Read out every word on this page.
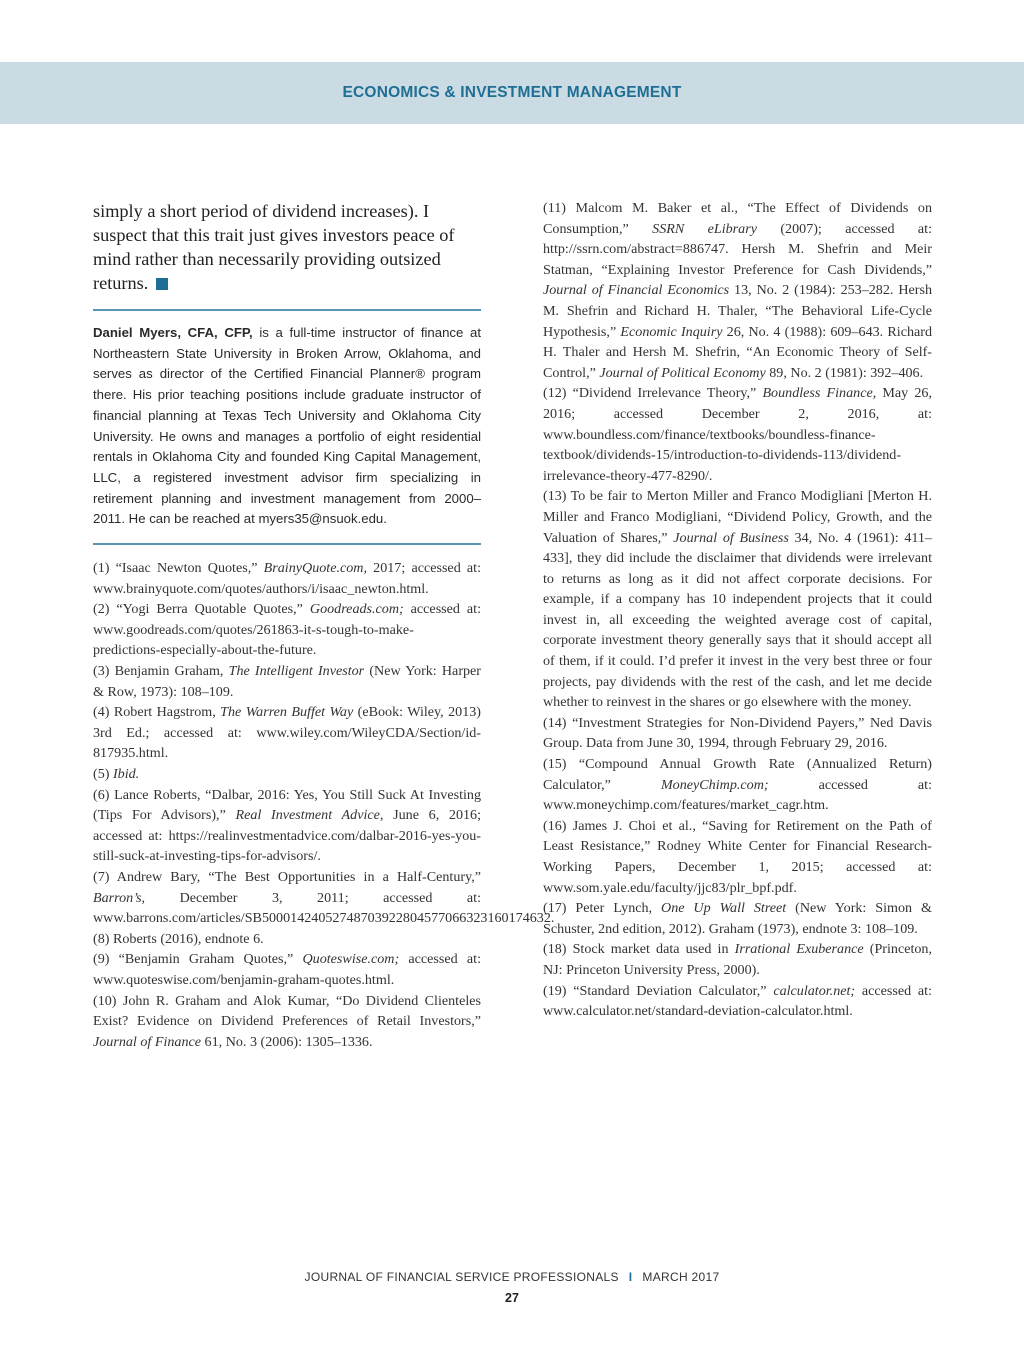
ECONOMICS & INVESTMENT MANAGEMENT

simply a short period of dividend increases). I suspect that this trait just gives investors peace of mind rather than necessarily providing outsized returns.

Daniel Myers, CFA, CFP, is a full-time instructor of finance at Northeastern State University in Broken Arrow, Oklahoma, and serves as director of the Certified Financial Planner® program there. His prior teaching positions include graduate instructor of financial planning at Texas Tech University and Oklahoma City University. He owns and manages a portfolio of eight residential rentals in Oklahoma City and founded King Capital Management, LLC, a registered investment advisor firm specializing in retirement planning and investment management from 2000–2011. He can be reached at myers35@nsuok.edu.

(1) “Isaac Newton Quotes,” BrainyQuote.com, 2017; accessed at: www.brainyquote.com/quotes/authors/i/isaac_newton.html.
(2) “Yogi Berra Quotable Quotes,” Goodreads.com; accessed at: www.goodreads.com/quotes/261863-it-s-tough-to-make-predictions-especially-about-the-future.
(3) Benjamin Graham, The Intelligent Investor (New York: Harper & Row, 1973): 108–109.
(4) Robert Hagstrom, The Warren Buffet Way (eBook: Wiley, 2013) 3rd Ed.; accessed at: www.wiley.com/WileyCDA/Section/id-817935.html.
(5) Ibid.
(6) Lance Roberts, “Dalbar, 2016: Yes, You Still Suck At Investing (Tips For Advisors),” Real Investment Advice, June 6, 2016; accessed at: https://realinvestmentadvice.com/dalbar-2016-yes-you-still-suck-at-investing-tips-for-advisors/.
(7) Andrew Bary, “The Best Opportunities in a Half-Century,” Barron’s, December 3, 2011; accessed at: www.barrons.com/articles/SB50001424052748703922804577066323160174632.
(8) Roberts (2016), endnote 6.
(9) “Benjamin Graham Quotes,” Quoteswise.com; accessed at: www.quoteswise.com/benjamin-graham-quotes.html.
(10) John R. Graham and Alok Kumar, “Do Dividend Clienteles Exist? Evidence on Dividend Preferences of Retail Investors,” Journal of Finance 61, No. 3 (2006): 1305–1336.
(11) Malcom M. Baker et al., “The Effect of Dividends on Consumption,” SSRN eLibrary (2007); accessed at: http://ssrn.com/abstract=886747. Hersh M. Shefrin and Meir Statman, “Explaining Investor Preference for Cash Dividends,” Journal of Financial Economics 13, No. 2 (1984): 253–282. Hersh M. Shefrin and Richard H. Thaler, “The Behavioral Life-Cycle Hypothesis,” Economic Inquiry 26, No. 4 (1988): 609–643. Richard H. Thaler and Hersh M. Shefrin, “An Economic Theory of Self-Control,” Journal of Political Economy 89, No. 2 (1981): 392–406.
(12) “Dividend Irrelevance Theory,” Boundless Finance, May 26, 2016; accessed December 2, 2016, at: www.boundless.com/finance/textbooks/boundless-finance-textbook/dividends-15/introduction-to-dividends-113/dividend-irrelevance-theory-477-8290/.
(13) To be fair to Merton Miller and Franco Modigliani [Merton H. Miller and Franco Modigliani, “Dividend Policy, Growth, and the Valuation of Shares,” Journal of Business 34, No. 4 (1961): 411–433], they did include the disclaimer that dividends were irrelevant to returns as long as it did not affect corporate decisions. For example, if a company has 10 independent projects that it could invest in, all exceeding the weighted average cost of capital, corporate investment theory generally says that it should accept all of them, if it could. I’d prefer it invest in the very best three or four projects, pay dividends with the rest of the cash, and let me decide whether to reinvest in the shares or go elsewhere with the money.
(14) “Investment Strategies for Non-Dividend Payers,” Ned Davis Group. Data from June 30, 1994, through February 29, 2016.
(15) “Compound Annual Growth Rate (Annualized Return) Calculator,” MoneyChimp.com; accessed at: www.moneychimp.com/features/market_cagr.htm.
(16) James J. Choi et al., “Saving for Retirement on the Path of Least Resistance,” Rodney White Center for Financial Research-Working Papers, December 1, 2015; accessed at: www.som.yale.edu/faculty/jjc83/plr_bpf.pdf.
(17) Peter Lynch, One Up Wall Street (New York: Simon & Schuster, 2nd edition, 2012). Graham (1973), endnote 3: 108–109.
(18) Stock market data used in Irrational Exuberance (Princeton, NJ: Princeton University Press, 2000).
(19) “Standard Deviation Calculator,” calculator.net; accessed at: www.calculator.net/standard-deviation-calculator.html.
JOURNAL OF FINANCIAL SERVICE PROFESSIONALS I MARCH 2017
27
